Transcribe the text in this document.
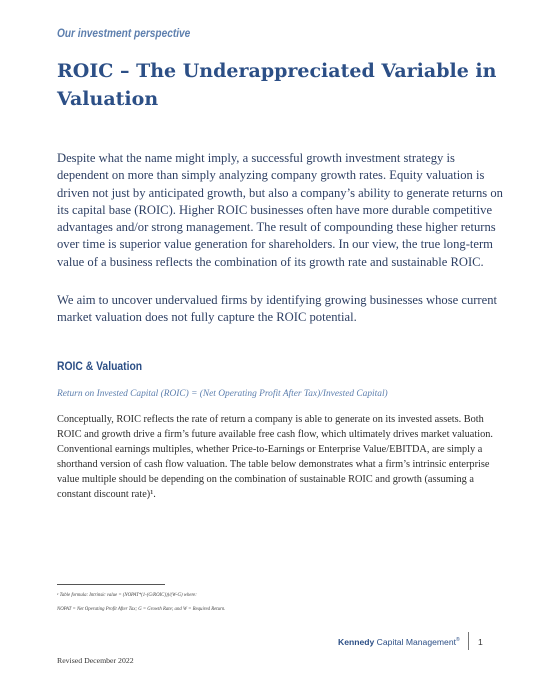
Our investment perspective
ROIC – The Underappreciated Variable in Valuation

Despite what the name might imply, a successful growth investment strategy is dependent on more than simply analyzing company growth rates. Equity valuation is driven not just by anticipated growth, but also a company’s ability to generate returns on its capital base (ROIC). Higher ROIC businesses often have more durable competitive advantages and/or strong management. The result of compounding these higher returns over time is superior value generation for shareholders. In our view, the true long-term value of a business reflects the combination of its growth rate and sustainable ROIC.

We aim to uncover undervalued firms by identifying growing businesses whose current market valuation does not fully capture the ROIC potential.

ROIC & Valuation
Return on Invested Capital (ROIC) = (Net Operating Profit After Tax)/Invested Capital)

Conceptually, ROIC reflects the rate of return a company is able to generate on its invested assets. Both ROIC and growth drive a firm’s future available free cash flow, which ultimately drives market valuation. Conventional earnings multiples, whether Price-to-Earnings or Enterprise Value/EBITDA, are simply a shorthand version of cash flow valuation. The table below demonstrates what a firm’s intrinsic enterprise value multiple should be depending on the combination of sustainable ROIC and growth (assuming a constant discount rate)¹.

¹ Table formula: Intrinsic value = (NOPAT*(1-(G/ROIC)))/(W-G) where:
NOPAT = Net Operating Profit After Tax; G = Growth Rate; and W = Required Return.
Kennedy Capital Management® 1
Revised December 2022
